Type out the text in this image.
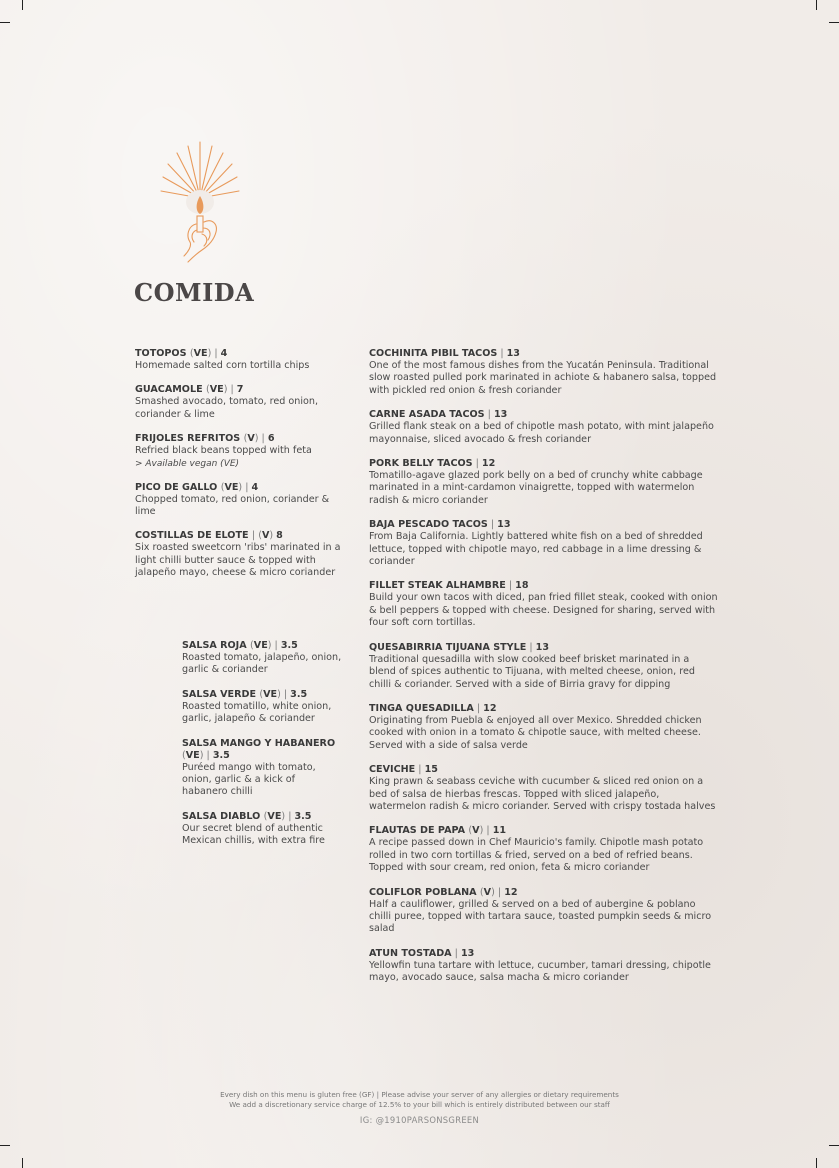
COMIDA
TOTOPOS (VE) | 4
Homemade salted corn tortilla chips
GUACAMOLE (VE) | 7
Smashed avocado, tomato, red onion, coriander & lime
FRIJOLES REFRITOS (V) | 6
Refried black beans topped with feta
> Available vegan (VE)
PICO DE GALLO (VE) | 4
Chopped tomato, red onion, coriander & lime
COSTILLAS DE ELOTE | (V) 8
Six roasted sweetcorn 'ribs' marinated in a light chilli butter sauce & topped with jalapeño mayo, cheese & micro coriander
SALSA ROJA (VE) | 3.5
Roasted tomato, jalapeño, onion, garlic & coriander
SALSA VERDE (VE) | 3.5
Roasted tomatillo, white onion, garlic, jalapeño & coriander
SALSA MANGO Y HABANERO (VE) | 3.5
Puréed mango with tomato, onion, garlic & a kick of habanero chilli
SALSA DIABLO (VE) | 3.5
Our secret blend of authentic Mexican chillis, with extra fire
COCHINITA PIBIL TACOS | 13
One of the most famous dishes from the Yucatán Peninsula. Traditional slow roasted pulled pork marinated in achiote & habanero salsa, topped with pickled red onion & fresh coriander
CARNE ASADA TACOS | 13
Grilled flank steak on a bed of chipotle mash potato, with mint jalapeño mayonnaise, sliced avocado & fresh coriander
PORK BELLY TACOS | 12
Tomatillo-agave glazed pork belly on a bed of crunchy white cabbage marinated in a mint-cardamon vinaigrette, topped with watermelon radish & micro coriander
BAJA PESCADO TACOS | 13
From Baja California. Lightly battered white fish on a bed of shredded lettuce, topped with chipotle mayo, red cabbage in a lime dressing & coriander
FILLET STEAK ALHAMBRE | 18
Build your own tacos with diced, pan fried fillet steak, cooked with onion & bell peppers & topped with cheese. Designed for sharing, served with four soft corn tortillas.
QUESABIRRIA TIJUANA STYLE | 13
Traditional quesadilla with slow cooked beef brisket marinated in a blend of spices authentic to Tijuana, with melted cheese, onion, red chilli & coriander. Served with a side of Birria gravy for dipping
TINGA QUESADILLA | 12
Originating from Puebla & enjoyed all over Mexico. Shredded chicken cooked with onion in a tomato & chipotle sauce, with melted cheese. Served with a side of salsa verde
CEVICHE | 15
King prawn & seabass ceviche with cucumber & sliced red onion on a bed of salsa de hierbas frescas. Topped with sliced jalapeño, watermelon radish & micro coriander. Served with crispy tostada halves
FLAUTAS DE PAPA (V) | 11
A recipe passed down in Chef Mauricio's family. Chipotle mash potato rolled in two corn tortillas & fried, served on a bed of refried beans. Topped with sour cream, red onion, feta & micro coriander
COLIFLOR POBLANA (V) | 12
Half a cauliflower, grilled & served on a bed of aubergine & poblano chilli puree, topped with tartara sauce, toasted pumpkin seeds & micro salad
ATUN TOSTADA | 13
Yellowfin tuna tartare with lettuce, cucumber, tamari dressing, chipotle mayo, avocado sauce, salsa macha & micro coriander
Every dish on this menu is gluten free (GF) | Please advise your server of any allergies or dietary requirements
We add a discretionary service charge of 12.5% to your bill which is entirely distributed between our staff
IG: @1910PARSONSGREEN
